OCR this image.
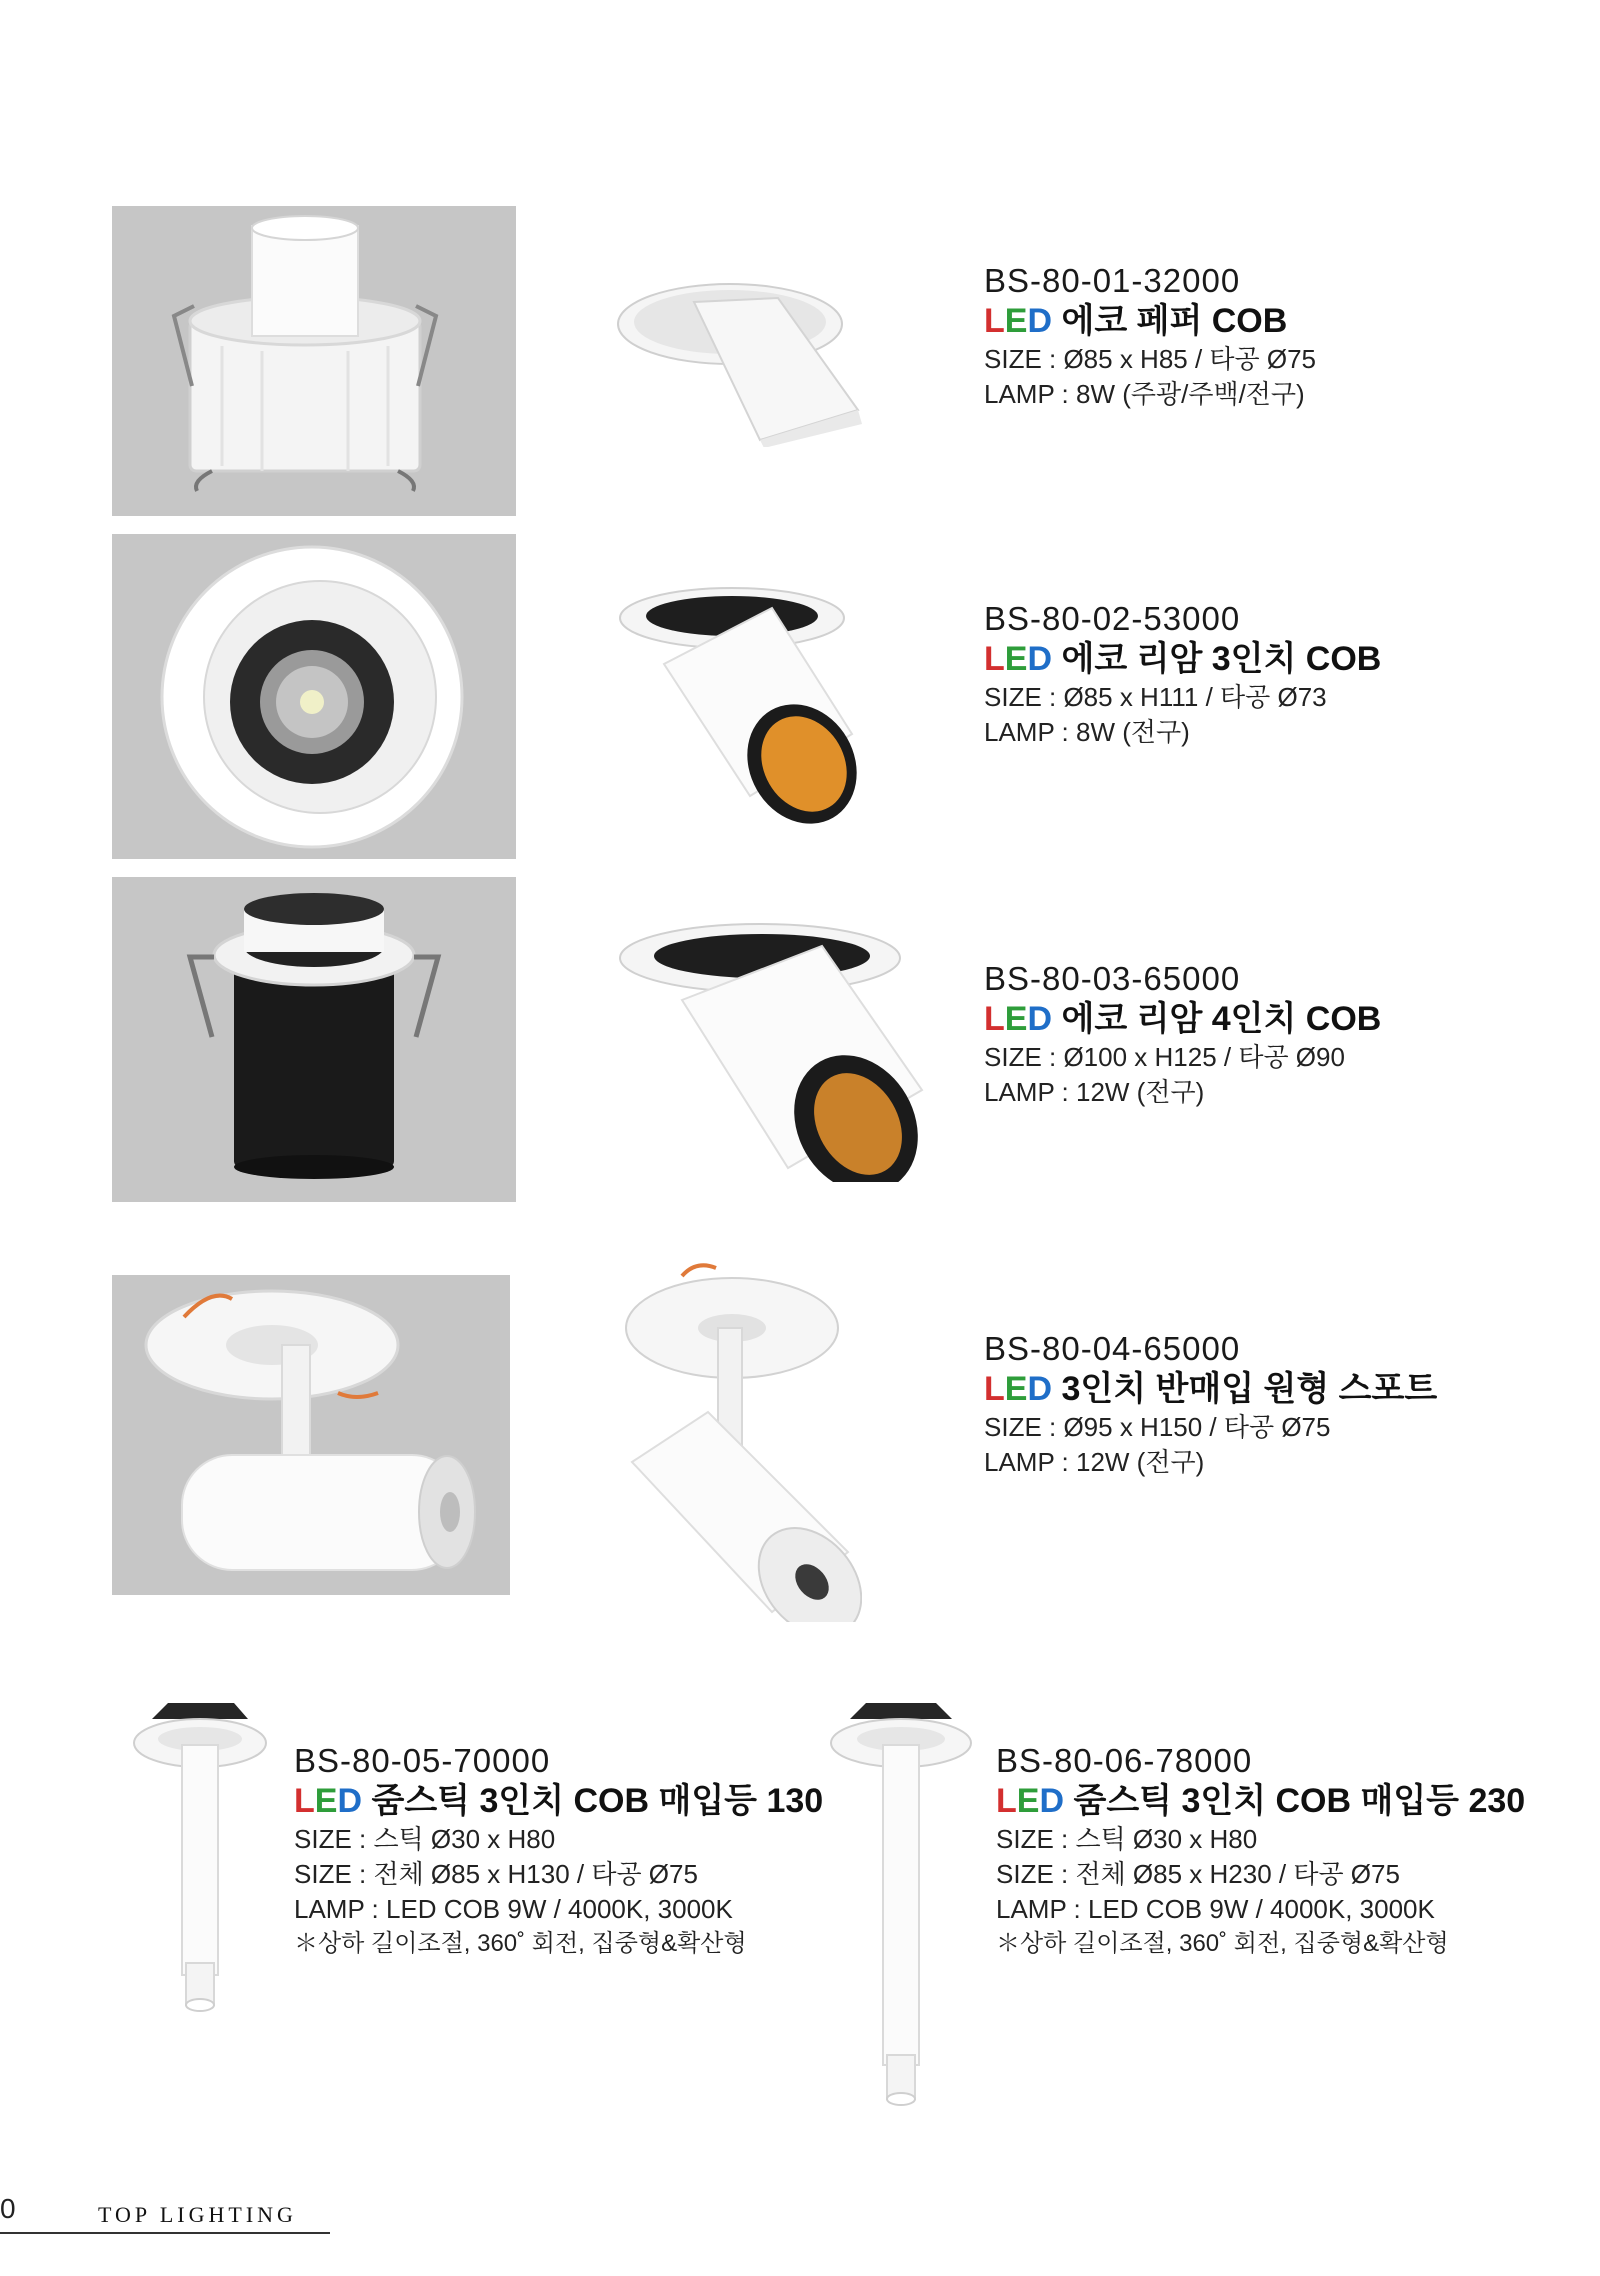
BS-80-01-32000
LED 에코 페퍼 COB
SIZE : Ø85 x H85 / 타공 Ø75
LAMP : 8W (주광/주백/전구)
BS-80-02-53000
LED 에코 리암 3인치 COB
SIZE : Ø85 x H111 / 타공 Ø73
LAMP : 8W (전구)
BS-80-03-65000
LED 에코 리암 4인치 COB
SIZE : Ø100 x H125 / 타공 Ø90
LAMP : 12W (전구)
BS-80-04-65000
LED 3인치 반매입 원형 스포트
SIZE : Ø95 x H150 / 타공 Ø75
LAMP : 12W (전구)
BS-80-05-70000
LED 줌스틱 3인치 COB 매입등 130
SIZE : 스틱 Ø30 x H80
SIZE : 전체 Ø85 x H130 / 타공 Ø75
LAMP : LED COB 9W / 4000K, 3000K
＊상하 길이조절, 360˚ 회전, 집중형&확산형
BS-80-06-78000
LED 줌스틱 3인치 COB 매입등 230
SIZE : 스틱 Ø30 x H80
SIZE : 전체 Ø85 x H230 / 타공 Ø75
LAMP : LED COB 9W / 4000K, 3000K
＊상하 길이조절, 360˚ 회전, 집중형&확산형
0	TOP LIGHTING
